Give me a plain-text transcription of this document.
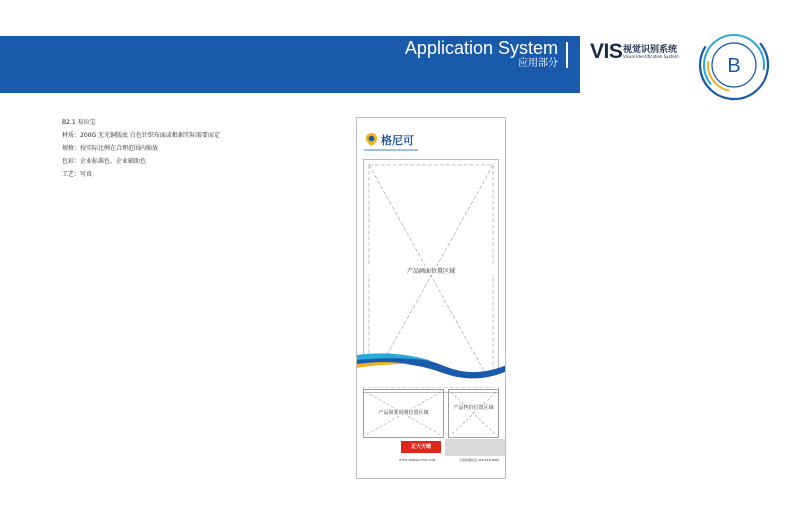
Application System
应用部分
VIS 视觉识别系统
Visual Identification System B
B2.1 易拉宝
材质：200G 无光铜版底 白色针织布面或根据实际需要而定
规格：按实际比例在合理范围内缩放
色彩：企业标准色、企业辅助色
工艺：写真
格尼可
产品画面位置区域
产品简要说明位置区域
产品售价位置区域
正大天晴
HTTP://WWW.CTTQ.COM	全国客服热线 400-618-9000
